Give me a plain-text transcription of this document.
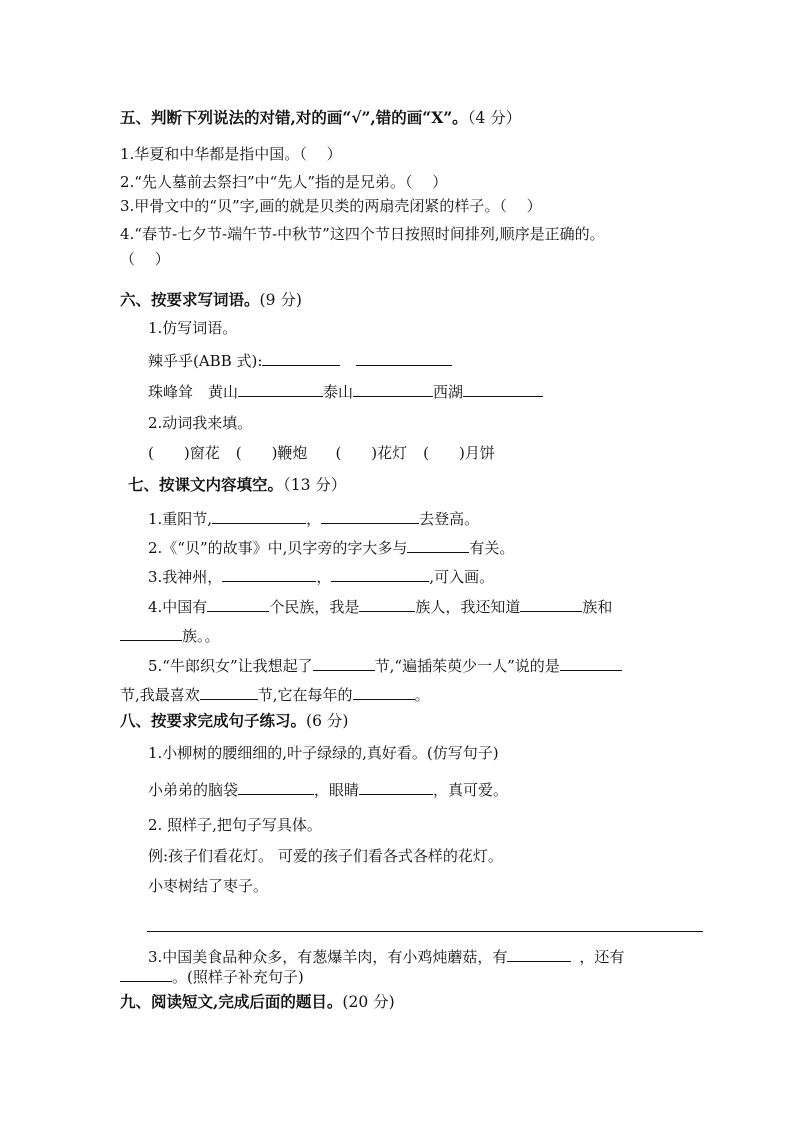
五、判断下列说法的对错,对的画“√”,错的画“X”。（4 分）
1.华夏和中华都是指中国。（　 ）
2.“先人墓前去祭扫”中“先人”指的是兄弟。（　 ）
3.甲骨文中的“贝”字,画的就是贝类的两扇壳闭紧的样子。（　 ）
4.“春节-七夕节-端午节-中秋节”这四个节日按照时间排列,顺序是正确的。
（　 ）
六、按要求写词语。(9 分)
1.仿写词语。
辣乎乎(ABB 式):
珠峰耸　黄山	泰山	西湖
2.动词我来填。
(　　)窗花 (　　)鞭炮 (　　)花灯 (　　)月饼
七、按课文内容填空。（13 分）
1.重阳节,	，	去登高。
2.《“贝”的故事》中,贝字旁的字大多与	有关。
3.我神州，	，	,可入画。
4.中国有	个民族，我是	族人，我还知道	族和
族。。
5.“牛郎织女”让我想起了	节,“遍插茱萸少一人”说的是
节,我最喜欢	节,它在每年的	。
八、按要求完成句子练习。(6 分)
1.小柳树的腰细细的,叶子绿绿的,真好看。(仿写句子)
小弟弟的脑袋	，眼睛	，真可爱。
2. 照样子,把句子写具体。
例:孩子们看花灯。 可爱的孩子们看各式各样的花灯。
小枣树结了枣子。
3.中国美食品种众多，有葱爆羊肉，有小鸡炖蘑菇，有	，还有
。(照样子补充句子)
九、阅读短文,完成后面的题目。(20 分)
